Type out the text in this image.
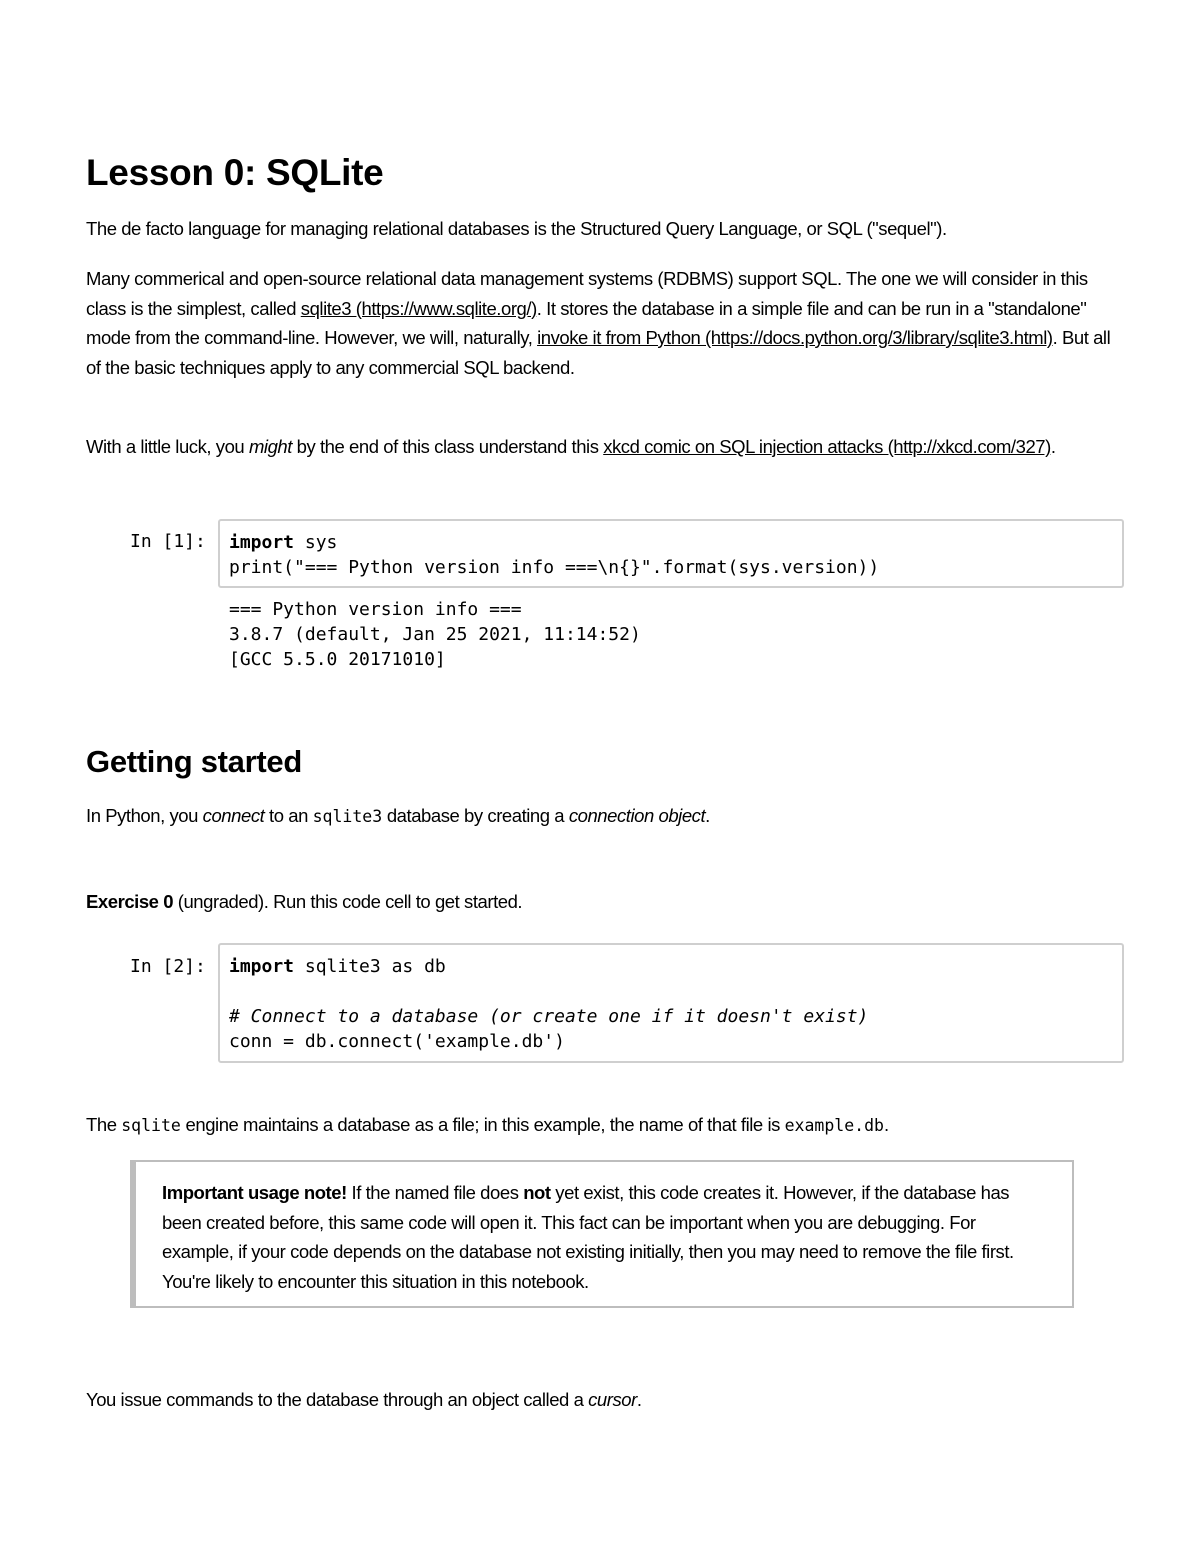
Lesson 0: SQLite

The de facto language for managing relational databases is the Structured Query Language, or SQL ("sequel").

Many commerical and open-source relational data management systems (RDBMS) support SQL. The one we will consider in this class is the simplest, called sqlite3 (https://www.sqlite.org/). It stores the database in a simple file and can be run in a "standalone" mode from the command-line. However, we will, naturally, invoke it from Python (https://docs.python.org/3/library/sqlite3.html). But all of the basic techniques apply to any commercial SQL backend.

With a little luck, you might by the end of this class understand this xkcd comic on SQL injection attacks (http://xkcd.com/327).

In [1]:	import sys
print("=== Python version info ===\n{}".format(sys.version))
=== Python version info ===
3.8.7 (default, Jan 25 2021, 11:14:52)
[GCC 5.5.0 20171010]
Getting started

In Python, you connect to an sqlite3 database by creating a connection object.

Exercise 0 (ungraded). Run this code cell to get started.

In [2]:	import sqlite3 as db

# Connect to a database (or create one if it doesn't exist)
conn = db.connect('example.db')

The sqlite engine maintains a database as a file; in this example, the name of that file is example.db.

Important usage note! If the named file does not yet exist, this code creates it. However, if the database has been created before, this same code will open it. This fact can be important when you are debugging. For example, if your code depends on the database not existing initially, then you may need to remove the file first. You're likely to encounter this situation in this notebook.

You issue commands to the database through an object called a cursor.
